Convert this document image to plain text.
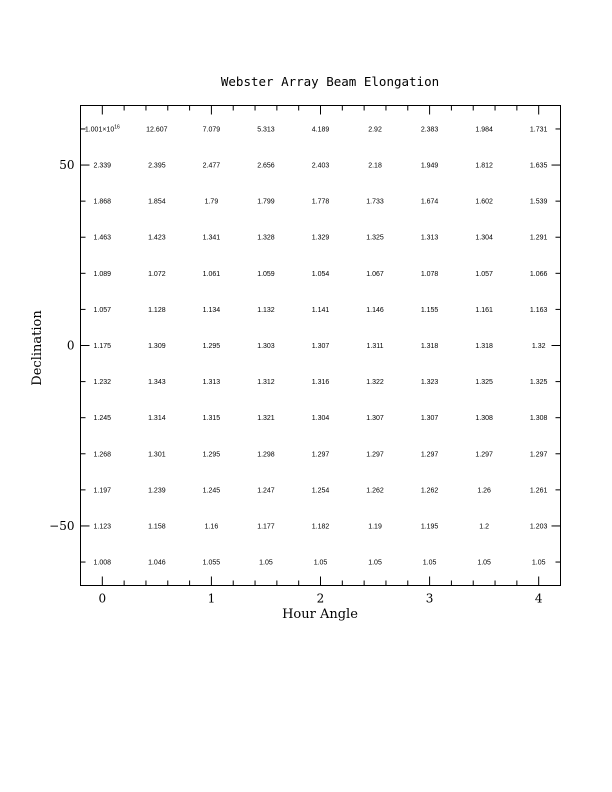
Webster Array Beam Elongation
0	1	2	3	4
50
0
−50
$1.001\times 10^{16}$	12.607	7.079	5.313	4.189	2.92	2.383	1.984	1.731
2.339	2.395	2.477	2.656	2.403	2.18	1.949	1.812	1.635
1.868	1.854	1.79	1.799	1.778	1.733	1.674	1.602	1.539
1.463	1.423	1.341	1.328	1.329	1.325	1.313	1.304	1.291
1.089	1.072	1.061	1.059	1.054	1.067	1.078	1.057	1.066
1.057	1.128	1.134	1.132	1.141	1.146	1.155	1.161	1.163
1.175	1.309	1.295	1.303	1.307	1.311	1.318	1.318	1.32
1.232	1.343	1.313	1.312	1.316	1.322	1.323	1.325	1.325
1.245	1.314	1.315	1.321	1.304	1.307	1.307	1.308	1.308
1.268	1.301	1.295	1.298	1.297	1.297	1.297	1.297	1.297
1.197	1.239	1.245	1.247	1.254	1.262	1.262	1.26	1.261
1.123	1.158	1.16	1.177	1.182	1.19	1.195	1.2	1.203
1.008	1.046	1.055	1.05	1.05	1.05	1.05	1.05	1.05
Hour Angle
Declination
